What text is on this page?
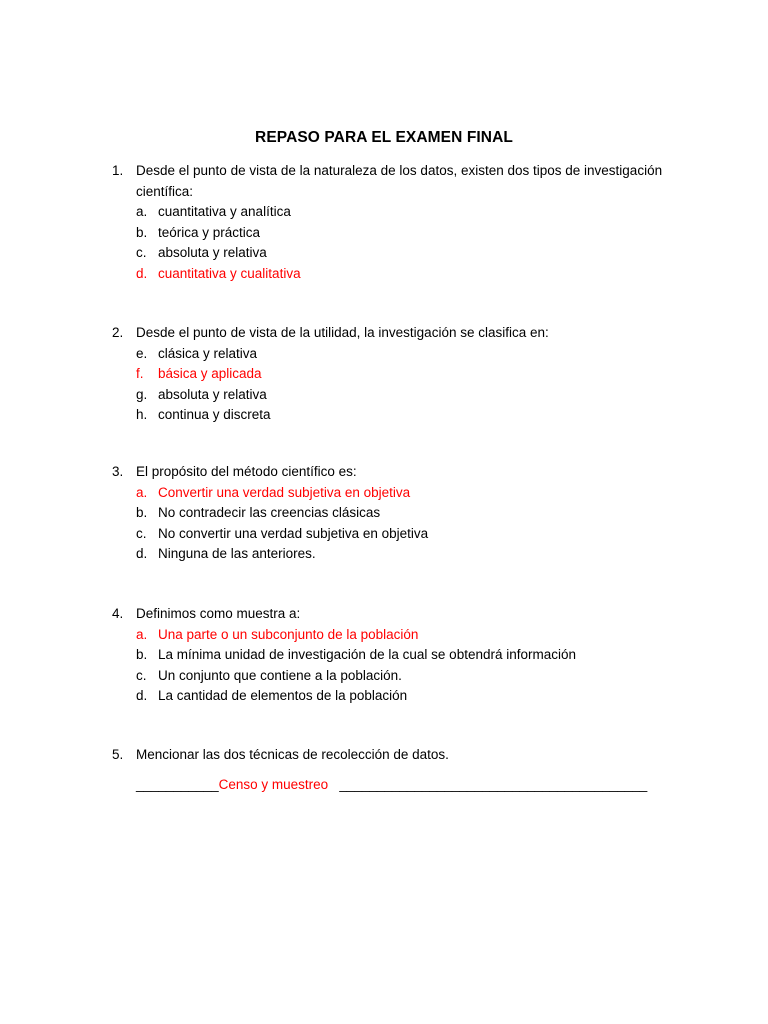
REPASO PARA EL EXAMEN FINAL
1. Desde el punto de vista de la naturaleza de los datos, existen dos tipos de investigación
científica:
a. cuantitativa y analítica
b. teórica y práctica
c. absoluta y relativa
d. cuantitativa y cualitativa
2. Desde el punto de vista de la utilidad, la investigación se clasifica en:
e. clásica y relativa
f.	básica y aplicada
g. absoluta y relativa
h. continua y discreta
3. El propósito del método científico es:
a. Convertir una verdad subjetiva en objetiva
b. No contradecir las creencias clásicas
c. No convertir una verdad subjetiva en objetiva
d. Ninguna de las anteriores.
4. Definimos como muestra a:
a. Una parte o un subconjunto de la población
b. La mínima unidad de investigación de la cual se obtendrá información
c. Un conjunto que contiene a la población.
d. La cantidad de elementos de la población
5. Mencionar las dos técnicas de recolección de datos.
___________Censo y muestreo _________________________________________
